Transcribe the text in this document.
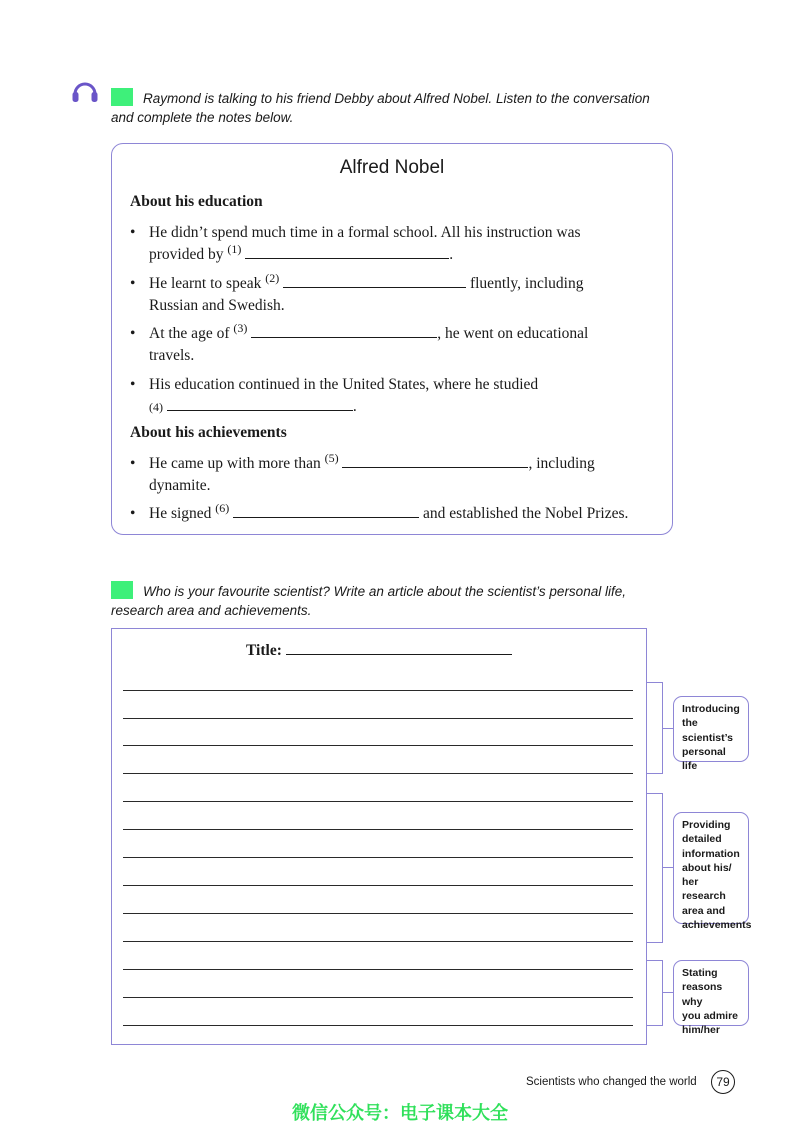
Raymond is talking to his friend Debby about Alfred Nobel. Listen to the conversation
and complete the notes below.
Alfred Nobel
About his education
• He didn’t spend much time in a formal school. All his instruction was
provided by $^{(1)}$	.
• He learnt to speak $^{(2)}$	fluently, including
Russian and Swedish.
• At the age of $^{(3)}$	, he went on educational
travels.
• His education continued in the United States, where he studied
(4)	.
About his achievements
• He came up with more than $^{(5)}$	, including
dynamite.
• He signed $^{(6)}$	and established the Nobel Prizes.
Who is your favourite scientist? Write an article about the scientist’s personal life,
research area and achievements.
Title:
Introducing
the
scientist’s
personal life
Providing
detailed
information
about his/
her research
area and
achievements
Stating
reasons why
you admire
him/her
Scientists who changed the world	79
微信公众号：电子课本大全
